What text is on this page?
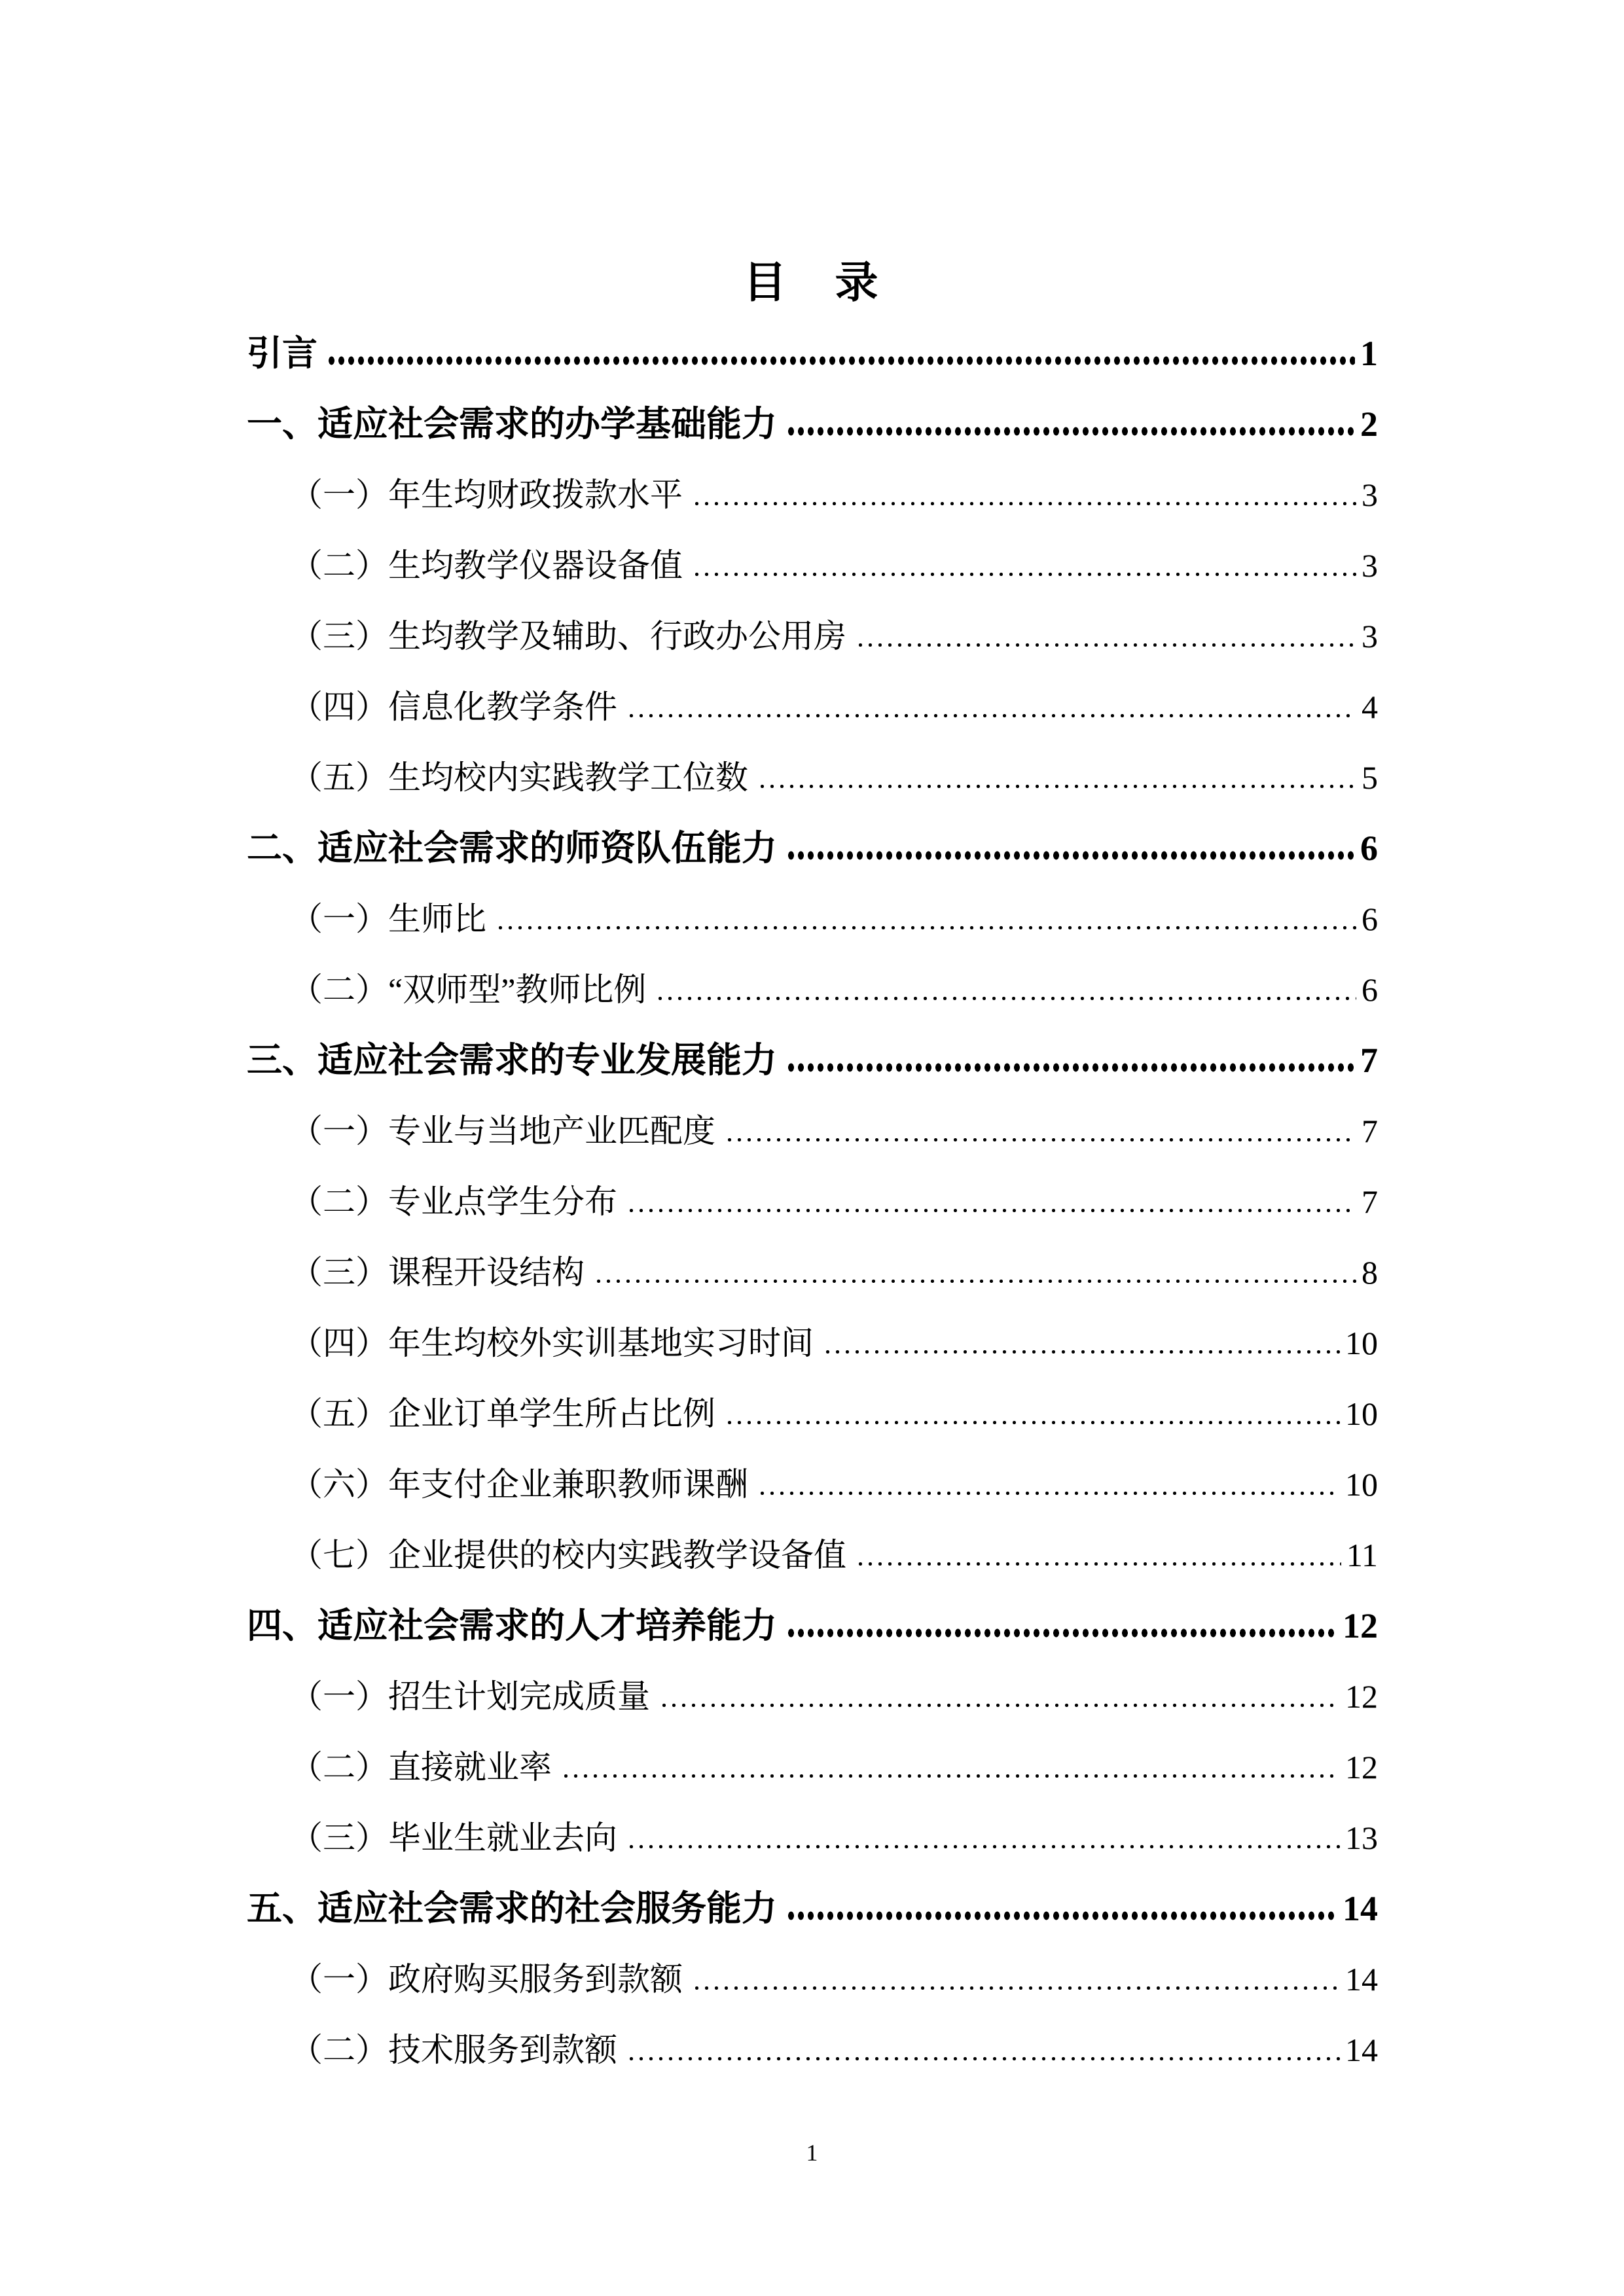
目　录
引言	1
一、适应社会需求的办学基础能力	2
（一）年生均财政拨款水平	3
（二）生均教学仪器设备值	3
（三）生均教学及辅助、行政办公用房	3
（四）信息化教学条件	4
（五）生均校内实践教学工位数	5
二、适应社会需求的师资队伍能力	6
（一）生师比	6
（二）“双师型”教师比例	6
三、适应社会需求的专业发展能力	7
（一）专业与当地产业匹配度	7
（二）专业点学生分布	7
（三）课程开设结构	8
（四）年生均校外实训基地实习时间	10
（五）企业订单学生所占比例	10
（六）年支付企业兼职教师课酬	10
（七）企业提供的校内实践教学设备值	11
四、适应社会需求的人才培养能力	12
（一）招生计划完成质量	12
（二）直接就业率	12
（三）毕业生就业去向	13
五、适应社会需求的社会服务能力	14
（一）政府购买服务到款额	14
（二）技术服务到款额	14
1
